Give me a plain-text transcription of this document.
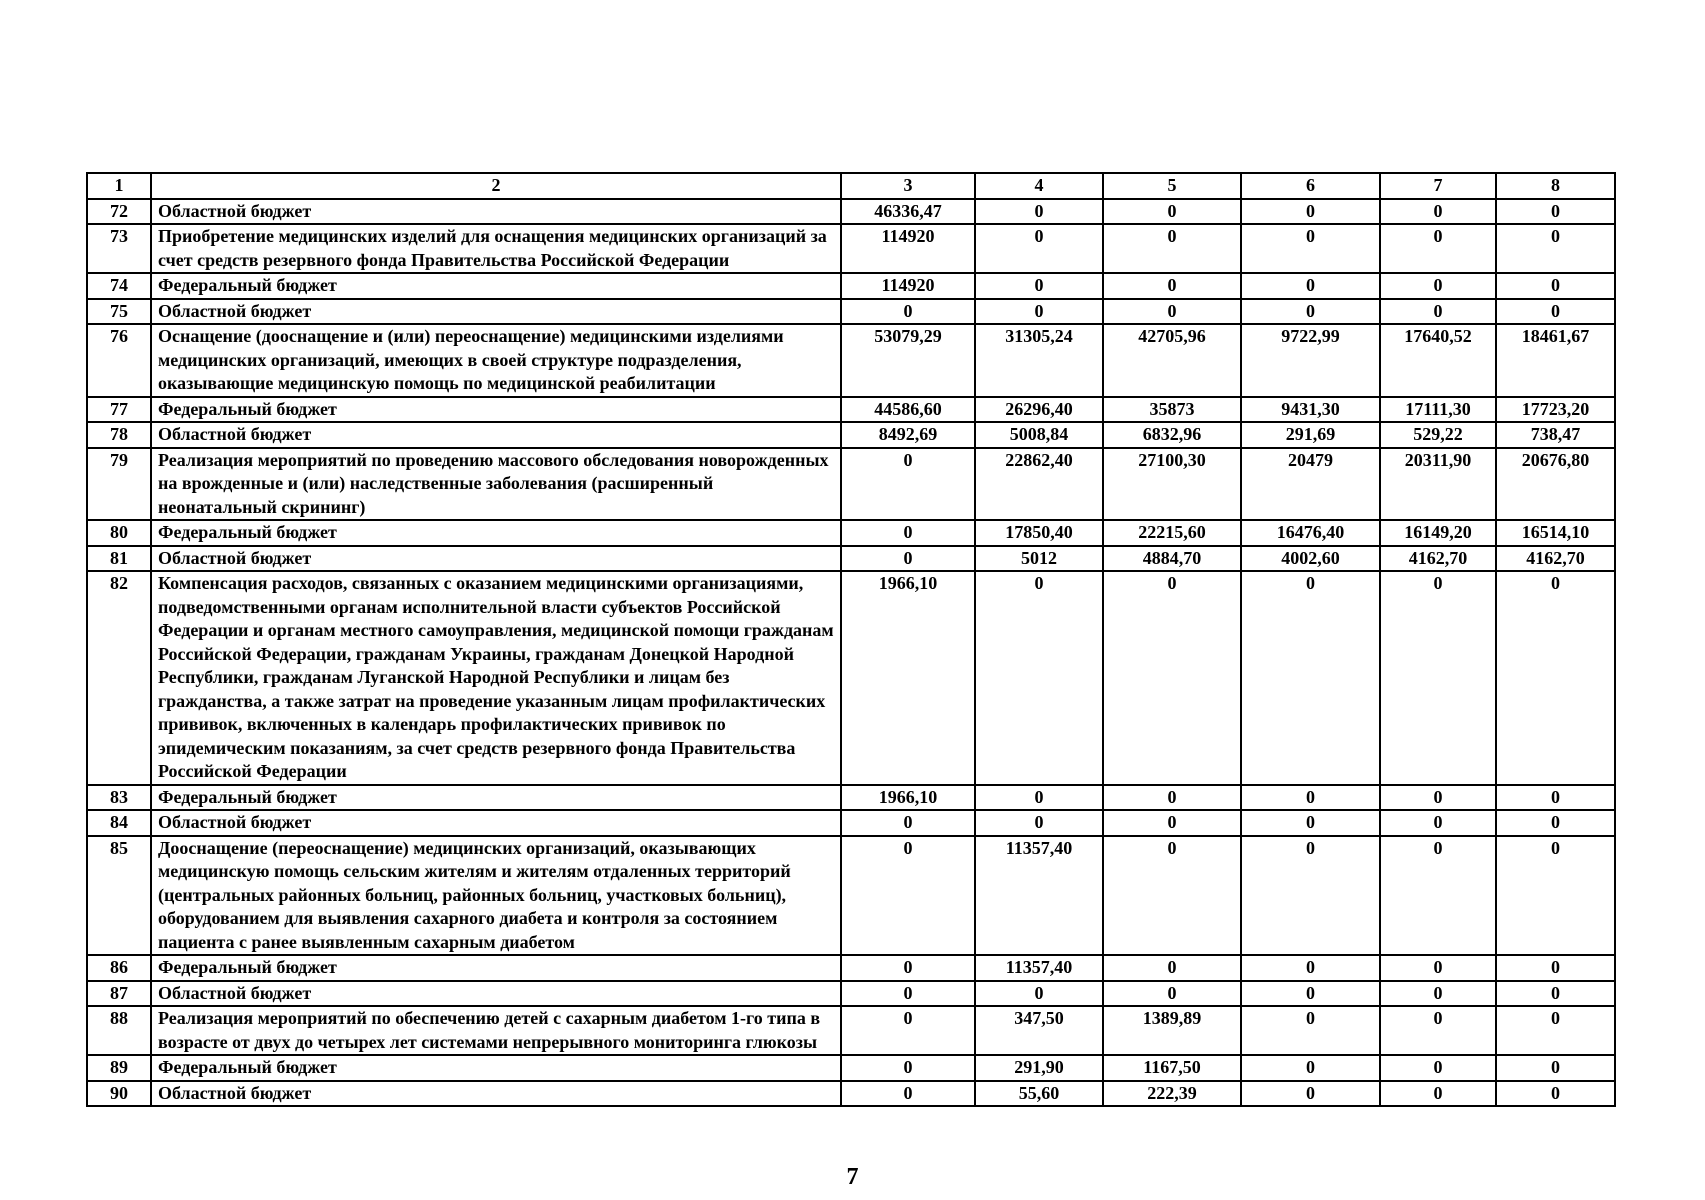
1	2	3	4	5	6	7	8
72	Областной бюджет	46336,47	0	0	0	0	0
73	Приобретение медицинских изделий для оснащения медицинских организаций за счет средств резервного фонда Правительства Российской Федерации	114920	0	0	0	0	0
74	Федеральный бюджет	114920	0	0	0	0	0
75	Областной бюджет	0	0	0	0	0	0
76	Оснащение (дооснащение и (или) переоснащение) медицинскими изделиями медицинских организаций, имеющих в своей структуре подразделения, оказывающие медицинскую помощь по медицинской реабилитации	53079,29	31305,24	42705,96	9722,99	17640,52	18461,67
77	Федеральный бюджет	44586,60	26296,40	35873	9431,30	17111,30	17723,20
78	Областной бюджет	8492,69	5008,84	6832,96	291,69	529,22	738,47
79	Реализация мероприятий по проведению массового обследования новорожденных на врожденные и (или) наследственные заболевания (расширенный неонатальный скрининг)	0	22862,40	27100,30	20479	20311,90	20676,80
80	Федеральный бюджет	0	17850,40	22215,60	16476,40	16149,20	16514,10
81	Областной бюджет	0	5012	4884,70	4002,60	4162,70	4162,70
82	Компенсация расходов, связанных с оказанием медицинскими организациями, подведомственными органам исполнительной власти субъектов Российской Федерации и органам местного самоуправления, медицинской помощи гражданам Российской Федерации, гражданам Украины, гражданам Донецкой Народной Республики, гражданам Луганской Народной Республики и лицам без гражданства, а также затрат на проведение указанным лицам профилактических прививок, включенных в календарь профилактических прививок по эпидемическим показаниям, за счет средств резервного фонда Правительства Российской Федерации	1966,10	0	0	0	0	0
83	Федеральный бюджет	1966,10	0	0	0	0	0
84	Областной бюджет	0	0	0	0	0	0
85	Дооснащение (переоснащение) медицинских организаций, оказывающих медицинскую помощь сельским жителям и жителям отдаленных территорий (центральных районных больниц, районных больниц, участковых больниц), оборудованием для выявления сахарного диабета и контроля за состоянием пациента с ранее выявленным сахарным диабетом	0	11357,40	0	0	0	0
86	Федеральный бюджет	0	11357,40	0	0	0	0
87	Областной бюджет	0	0	0	0	0	0
88	Реализация мероприятий по обеспечению детей с сахарным диабетом 1-го типа в возрасте от двух до четырех лет системами непрерывного мониторинга глюкозы	0	347,50	1389,89	0	0	0
89	Федеральный бюджет	0	291,90	1167,50	0	0	0
90	Областной бюджет	0	55,60	222,39	0	0	0
7
